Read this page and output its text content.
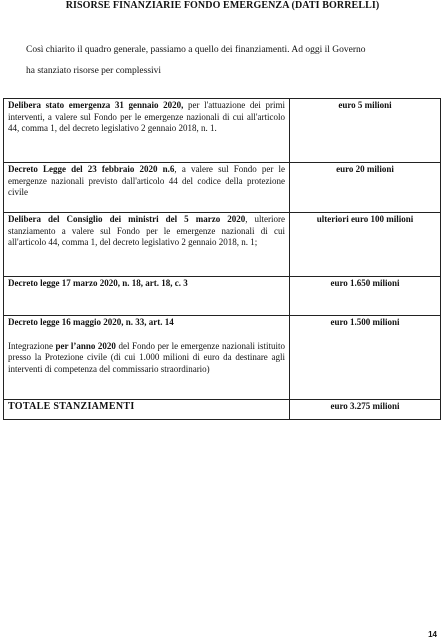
RISORSE FINANZIARIE FONDO EMERGENZA (DATI BORRELLI)

Così chiarito il quadro generale, passiamo a quello dei finanziamenti. Ad oggi il Governo

ha stanziato risorse per complessivi

Delibera stato emergenza 31 gennaio 2020, per l'attuazione dei primi interventi, a valere sul Fondo per le emergenze nazionali di cui all'articolo 44, comma 1, del decreto legislativo 2 gennaio 2018, n. 1.	euro 5 milioni
Decreto Legge del 23 febbraio 2020 n.6, a valere sul Fondo per le emergenze nazionali previsto dall'articolo 44 del codice della protezione civile	euro 20 milioni
Delibera del Consiglio dei ministri del 5 marzo 2020, ulteriore stanziamento a valere sul Fondo per le emergenze nazionali di cui all'articolo 44, comma 1, del decreto legislativo 2 gennaio 2018, n. 1;	ulteriori euro 100 milioni
Decreto legge 17 marzo 2020, n. 18, art. 18, c. 3	euro 1.650 milioni
Decreto legge 16 maggio 2020, n. 33, art. 14
Integrazione per l’anno 2020 del Fondo per le emergenze nazionali istituito presso la Protezione civile (di cui 1.000 milioni di euro da destinare agli interventi di competenza del commissario straordinario)	euro 1.500 milioni
TOTALE STANZIAMENTI	euro 3.275 milioni
14
